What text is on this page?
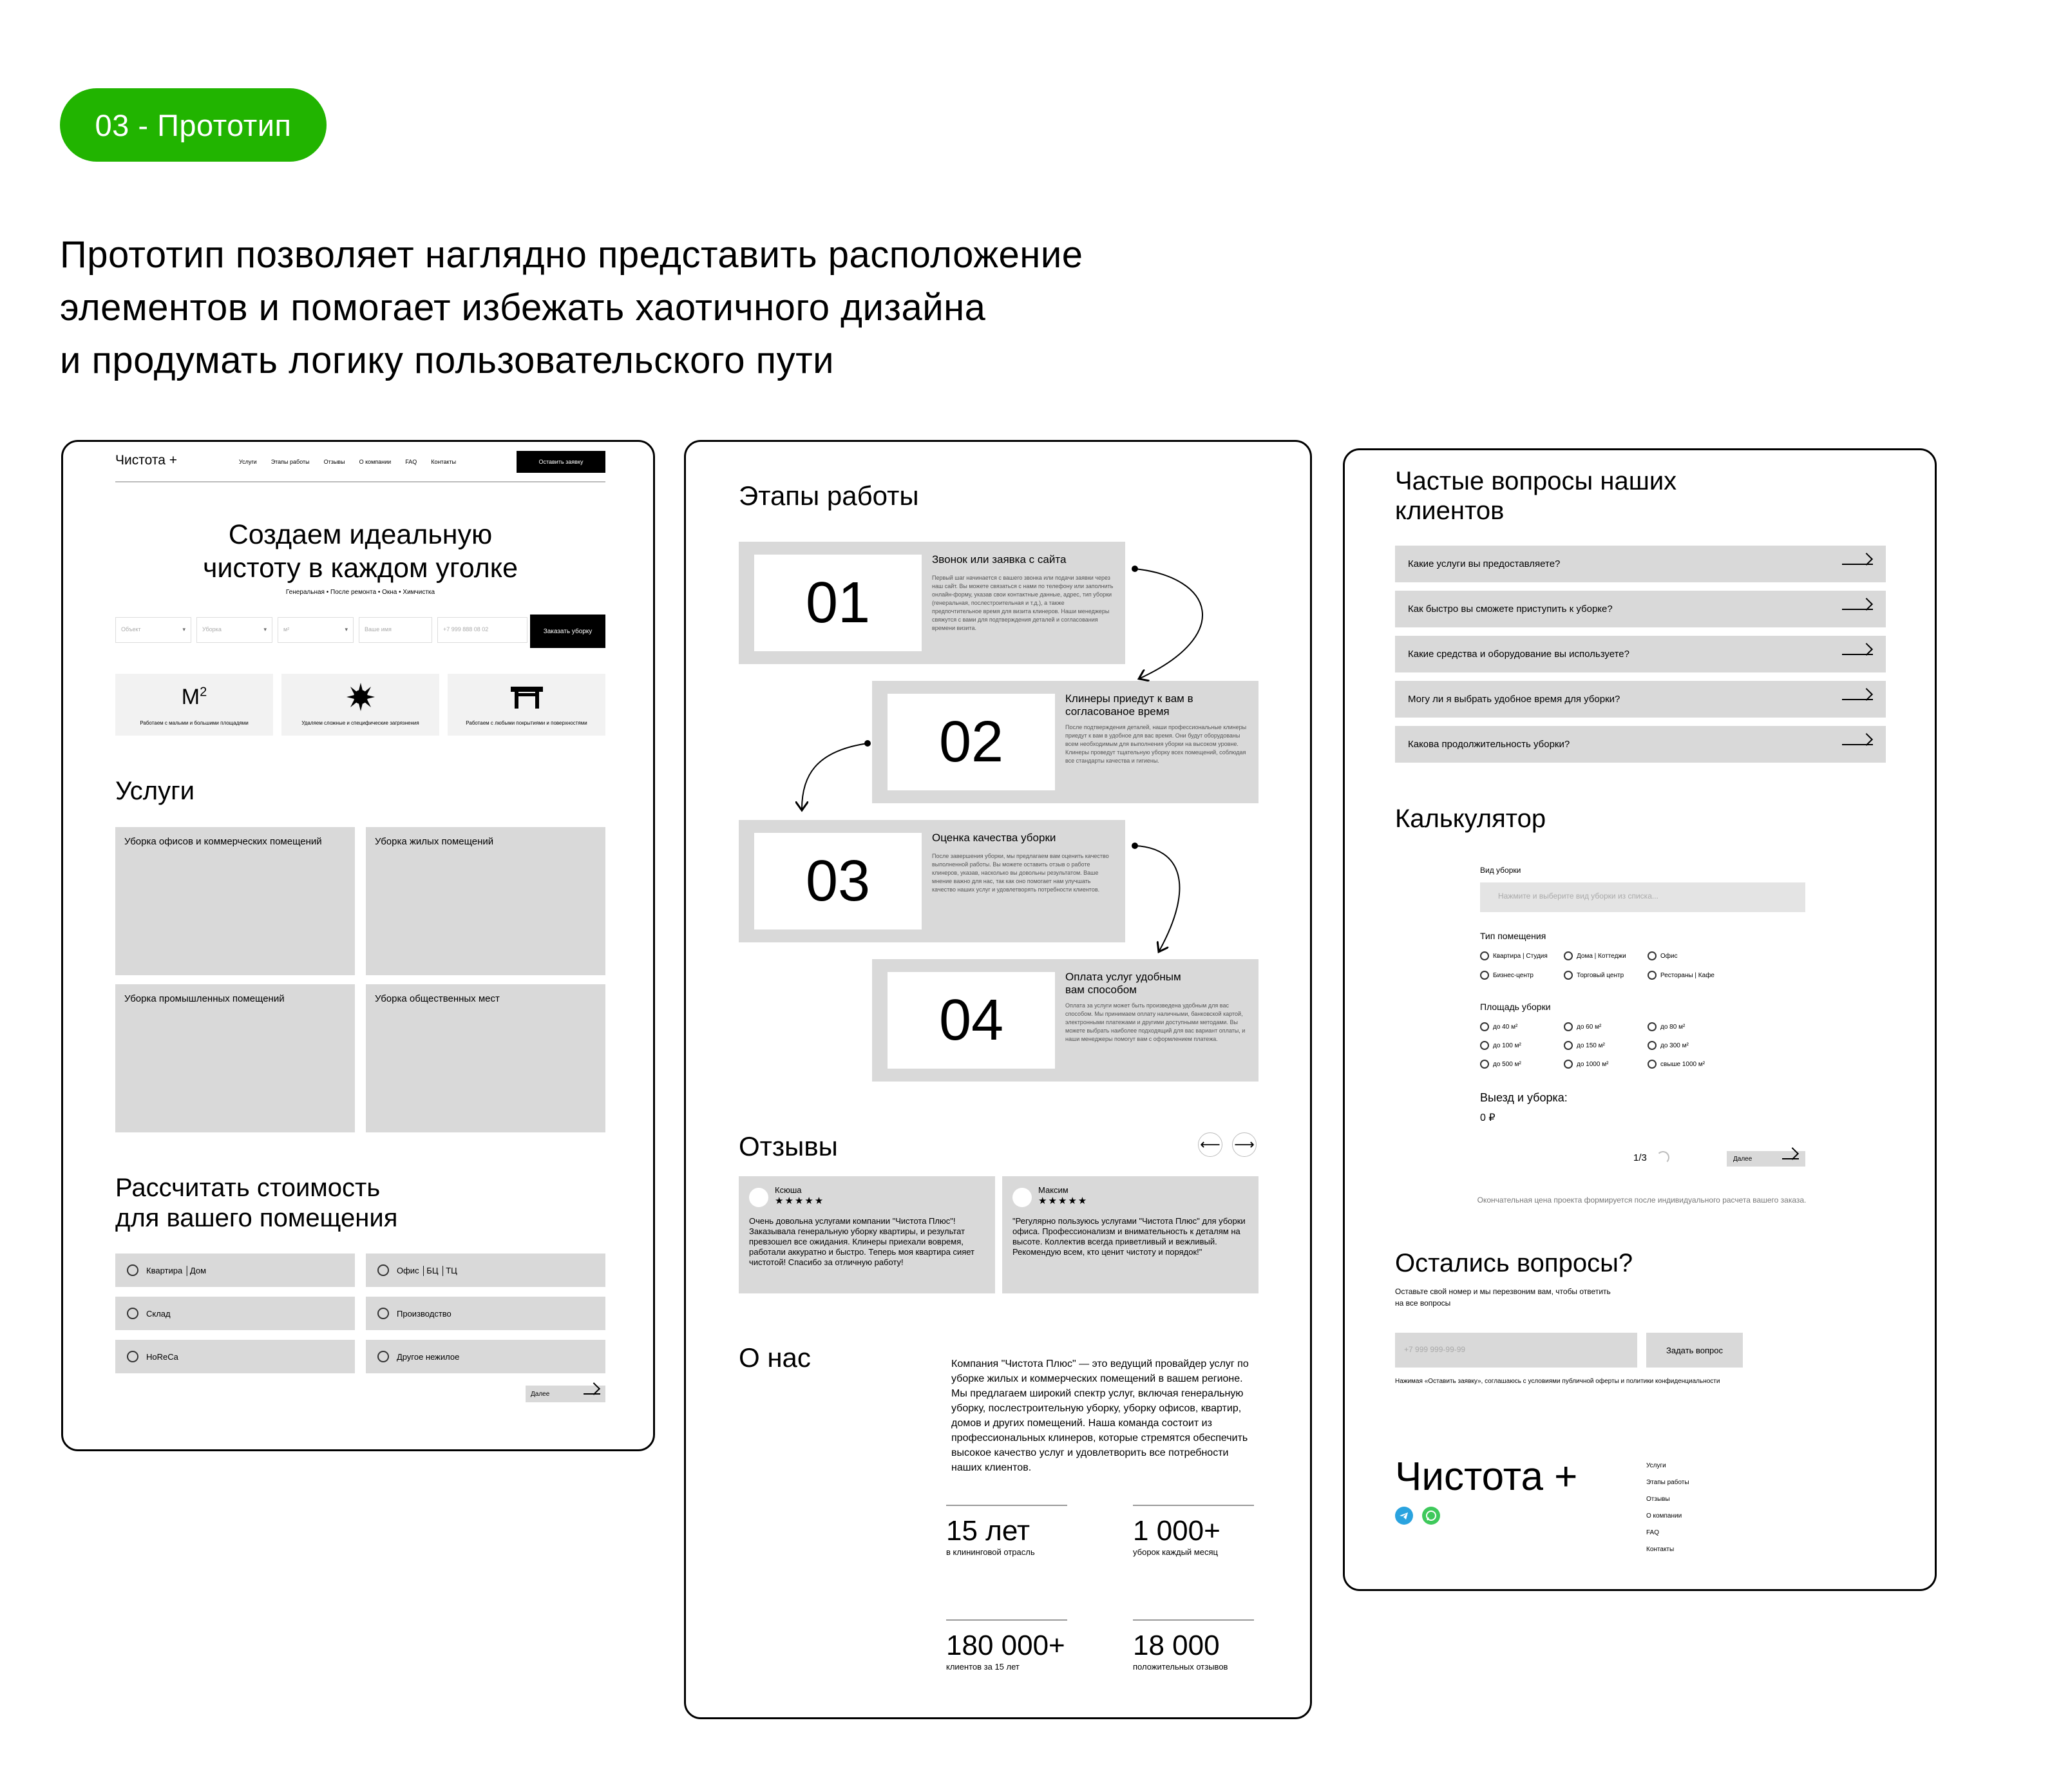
03 - Прототип
Прототип позволяет наглядно представить расположение
элементов и помогает избежать хаотичного дизайна
и продумать логику пользовательского пути
Чистота +	Услуги Этапы работы Отзывы О компании FAQ Контакты	Оставить заявку
Создаем идеальную
чистоту в каждом уголке
Генеральная • После ремонта • Окна • Химчистка
Объект	▾	Уборка	▾	м²	▾	Ваше имя	+7 999 888 08 02	Заказать уборку
$M^2$
Работаем с малыми и большими площадями	Удаляем сложные и специфические загрязнения	Работаем с любыми покрытиями и поверхностями
Услуги
Уборка офисов и коммерческих помещений	Уборка жилых помещений
Уборка промышленных помещений	Уборка общественных мест
Рассчитать стоимость
для вашего помещения
Квартира │Дом	Офис │БЦ │ТЦ
Склад	Производство
HoReCa	Другое нежилое
Далее
Этапы работы
01
Звонок или заявка с сайта
Первый шаг начинается с вашего звонка или подачи заявки через наш сайт. Вы можете связаться с нами по телефону или заполнить онлайн-форму, указав свои контактные данные, адрес, тип уборки (генеральная, послестроительная и т.д.), а также предпочтительное время для визита клинеров. Наши менеджеры свяжутся с вами для подтверждения деталей и согласования времени визита.
02
Клинеры приедут к вам в согласованое время
После подтверждения деталей, наши профессиональные клинеры приедут к вам в удобное для вас время. Они будут оборудованы всем необходимым для выполнения уборки на высоком уровне. Клинеры проведут тщательную уборку всех помещений, соблюдая все стандарты качества и гигиены.
03
Оценка качества уборки
После завершения уборки, мы предлагаем вам оценить качество выполненной работы. Вы можете оставить отзыв о работе клинеров, указав, насколько вы довольны результатом. Ваше мнение важно для нас, так как оно помогает нам улучшать качество наших услуг и удовлетворять потребности клиентов.
04
Оплата услуг удобным вам способом
Оплата за услуги может быть произведена удобным для вас способом. Мы принимаем оплату наличными, банковской картой, электронными платежами и другими доступными методами. Вы можете выбрать наиболее подходящий для вас вариант оплаты, и наши менеджеры помогут вам с оформлением платежа.
Отзывы	⟵ ⟶
Ксюша
★★★★★
Очень довольна услугами компании "Чистота Плюс"! Заказывала генеральную уборку квартиры, и результат превзошел все ожидания. Клинеры приехали вовремя, работали аккуратно и быстро. Теперь моя квартира сияет чистотой! Спасибо за отличную работу!
Максим
★★★★★
"Регулярно пользуюсь услугами "Чистота Плюс" для уборки офиса. Профессионализм и внимательность к деталям на высоте. Коллектив всегда приветливый и вежливый. Рекомендую всем, кто ценит чистоту и порядок!"
О нас	Компания "Чистота Плюс" — это ведущий провайдер услуг по уборке жилых и коммерческих помещений в вашем регионе. Мы предлагаем широкий спектр услуг, включая генеральную уборку, послестроительную уборку, уборку офисов, квартир, домов и других помещений. Наша команда состоит из профессиональных клинеров, которые стремятся обеспечить высокое качество услуг и удовлетворить все потребности наших клиентов.
15 лет
в клининговой отрасль
1 000+
уборок каждый месяц
180 000+
клиентов за 15 лет
18 000
положительных отзывов
Частые вопросы наших
клиентов
Какие услуги вы предоставляете?
Как быстро вы сможете приступить к уборке?
Какие средства и оборудование вы используете?
Могу ли я выбрать удобное время для уборки?
Какова продолжительность уборки?
Калькулятор
Вид уборки
Нажмите и выберите вид уборки из списка...
Тип помещения
Квартира | Студия	Дома | Коттеджи	Офис
Бизнес-центр	Торговый центр	Рестораны | Кафе
Площадь уборки
до 40 м²	до 60 м²	до 80 м²
до 100 м²	до 150 м²	до 300 м²
до 500 м²	до 1000 м²	свыше 1000 м²
Выезд и уборка:
0 ₽
1/3	Далее
Окончательная цена проекта формируется после индивидуального расчета вашего заказа.
Остались вопросы?
Оставьте свой номер и мы перезвоним вам, чтобы ответить
на все вопросы
+7 999 999-99-99	Задать вопрос
Нажимая «Оставить заявку», соглашаюсь с условиями публичной оферты и политики конфиденциальности
Чистота +	Услуги
Этапы работы
Отзывы
О компании
FAQ
Контакты
